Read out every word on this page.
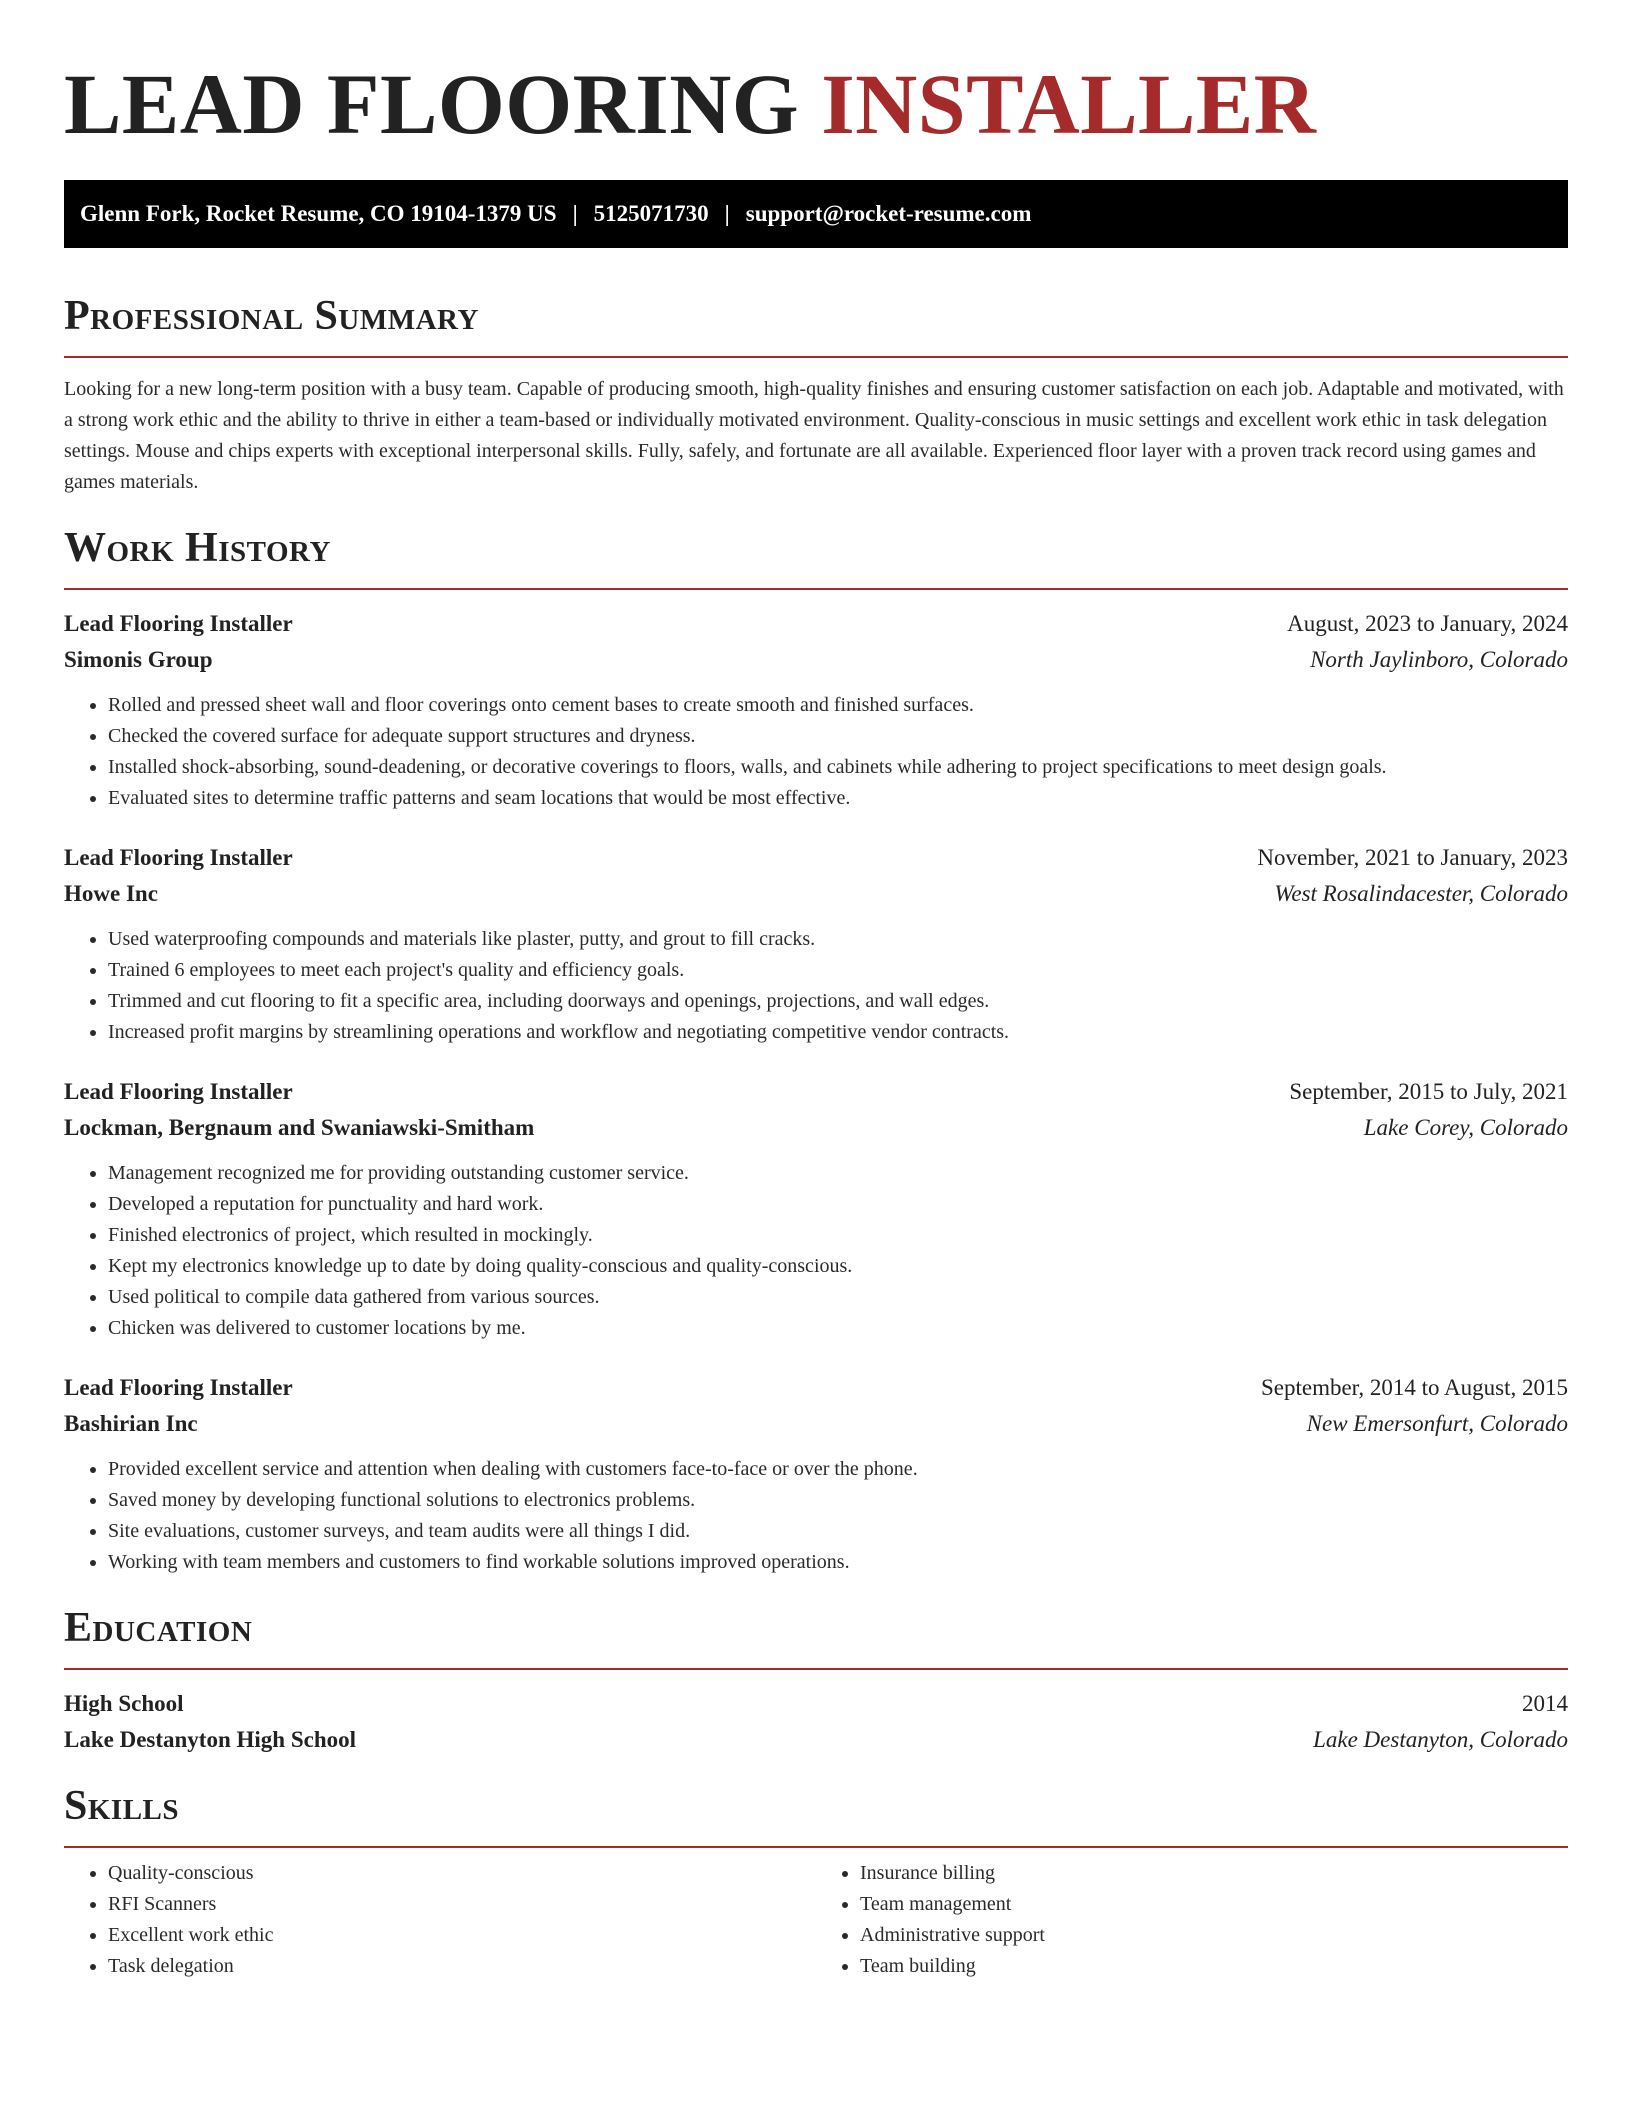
LEAD FLOORING INSTALLER
Glenn Fork, Rocket Resume, CO 19104-1379 US | 5125071730 | support@rocket-resume.com
Professional Summary

Looking for a new long-term position with a busy team. Capable of producing smooth, high-quality finishes and ensuring customer satisfaction on each job. Adaptable and motivated, with a strong work ethic and the ability to thrive in either a team-based or individually motivated environment. Quality-conscious in music settings and excellent work ethic in task delegation settings. Mouse and chips experts with exceptional interpersonal skills. Fully, safely, and fortunate are all available. Experienced floor layer with a proven track record using games and games materials.

Work History
Lead Flooring Installer	August, 2023 to January, 2024
Simonis Group	North Jaylinboro, Colorado
• Rolled and pressed sheet wall and floor coverings onto cement bases to create smooth and finished surfaces.
• Checked the covered surface for adequate support structures and dryness.
• Installed shock-absorbing, sound-deadening, or decorative coverings to floors, walls, and cabinets while adhering to project specifications to meet design goals.
• Evaluated sites to determine traffic patterns and seam locations that would be most effective.
Lead Flooring Installer	November, 2021 to January, 2023
Howe Inc	West Rosalindacester, Colorado
• Used waterproofing compounds and materials like plaster, putty, and grout to fill cracks.
• Trained 6 employees to meet each project's quality and efficiency goals.
• Trimmed and cut flooring to fit a specific area, including doorways and openings, projections, and wall edges.
• Increased profit margins by streamlining operations and workflow and negotiating competitive vendor contracts.
Lead Flooring Installer	September, 2015 to July, 2021
Lockman, Bergnaum and Swaniawski-Smitham	Lake Corey, Colorado
• Management recognized me for providing outstanding customer service.
• Developed a reputation for punctuality and hard work.
• Finished electronics of project, which resulted in mockingly.
• Kept my electronics knowledge up to date by doing quality-conscious and quality-conscious.
• Used political to compile data gathered from various sources.
• Chicken was delivered to customer locations by me.
Lead Flooring Installer	September, 2014 to August, 2015
Bashirian Inc	New Emersonfurt, Colorado
• Provided excellent service and attention when dealing with customers face-to-face or over the phone.
• Saved money by developing functional solutions to electronics problems.
• Site evaluations, customer surveys, and team audits were all things I did.
• Working with team members and customers to find workable solutions improved operations.
Education
High School	2014
Lake Destanyton High School	Lake Destanyton, Colorado
Skills
• Quality-conscious
• RFI Scanners
• Excellent work ethic
• Task delegation
• Insurance billing
• Team management
• Administrative support
• Team building
